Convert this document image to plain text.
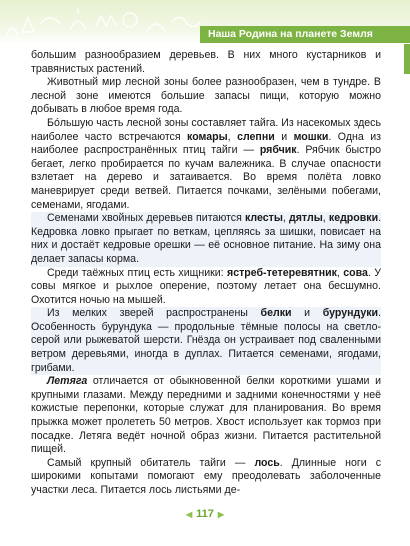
Наша Родина на планете Земля

большим разнообразием деревьев. В них много кустарников и травянистых растений.

Животный мир лесной зоны более разнообразен, чем в тундре. В лесной зоне имеются большие запасы пищи, которую можно добывать в любое время года.

Бо́льшую часть лесной зоны составляет тайга. Из насекомых здесь наиболее часто встречаются комары, слепни и мошки. Одна из наиболее распространённых птиц тайги — рябчик. Рябчик быстро бегает, легко пробирается по кучам валежника. В случае опасности взлетает на дерево и затаивается. Во время полёта ловко маневрирует среди ветвей. Питается почками, зелёными побегами, семенами, ягодами.

Семенами хвойных деревьев питаются клесты, дятлы, кедровки. Кедровка ловко прыгает по веткам, цепляясь за шишки, повисает на них и достаёт кедровые орешки — её основное питание. На зиму она делает запасы корма.

Среди таёжных птиц есть хищники: ястреб-тетеревятник, сова. У совы мягкое и рыхлое оперение, поэтому летает она бесшумно. Охотится ночью на мышей.

Из мелких зверей распространены белки и бурундуки. Особенность бурундука — продольные тёмные полосы на светло-серой или рыжеватой шерсти. Гнёзда он устраивает под сваленными ветром деревьями, иногда в дуплах. Питается семенами, ягодами, грибами.

Летяга отличается от обыкновенной белки короткими ушами и крупными глазами. Между передними и задними конечностями у неё кожистые перепонки, которые служат для планирования. Во время прыжка может пролететь 50 метров. Хвост использует как тормоз при посадке. Летяга ведёт ночной образ жизни. Питается растительной пищей.

Самый крупный обитатель тайги — лось. Длинные ноги с широкими копытами помогают ему преодолевать заболоченные участки леса. Питается лось листьями де-

◀ 117 ▶
